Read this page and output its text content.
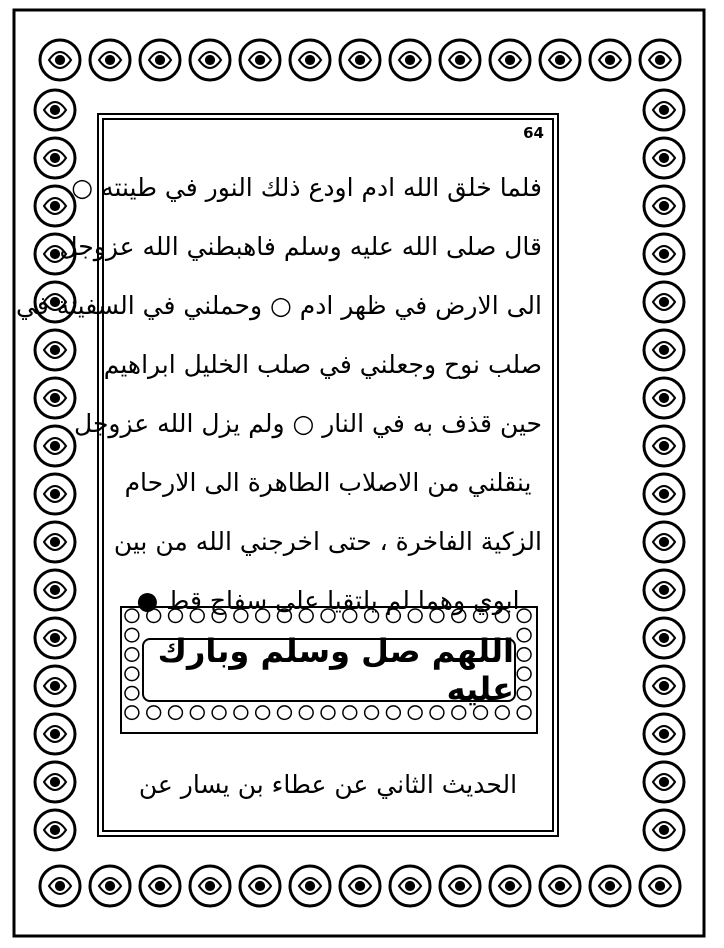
64
فلما خلق الله ادم اودع ذلك النور في طينته ○
قال صلى الله عليه وسلم فاهبطني الله عزوجل
الى الارض في ظهر ادم ○ وحملني في السفينة في
صلب نوح وجعلني في صلب الخليل ابراهيم
حين قذف به في النار ○ ولم يزل الله عزوجل
ينقلني من الاصلاب الطاهرة الى الارحام
الزكية الفاخرة ، حتى اخرجني الله من بين
ابوي وهما لم يلتقيا على سفاح قط ●
اللهم صل وسلم وبارك عليه
الحديث الثاني عن عطاء بن يسار عن
